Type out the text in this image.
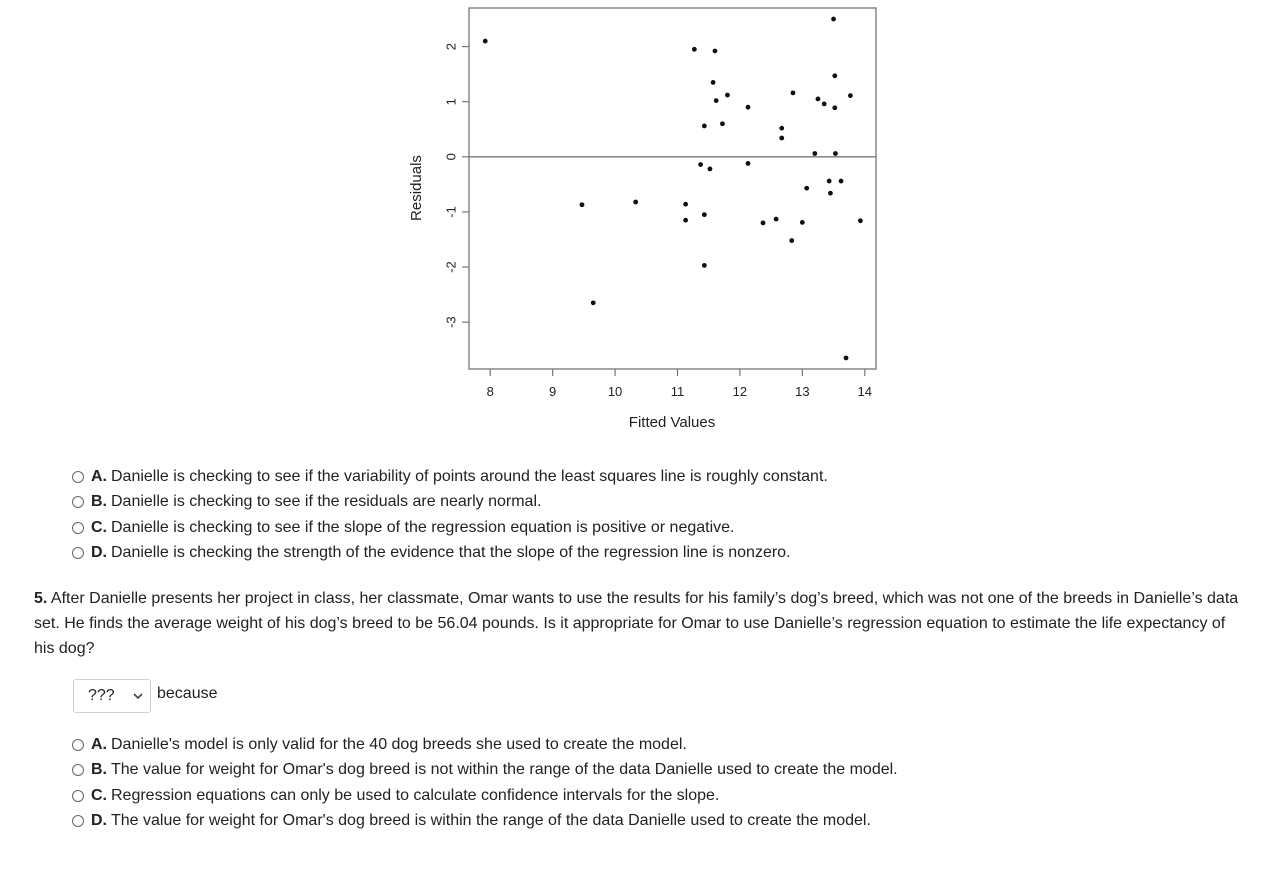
8	9	10	11	12	13	14
-3
-2
-1
0
1
2
Fitted Values
Residuals
A. Danielle is checking to see if the variability of points around the least squares line is roughly constant.
B. Danielle is checking to see if the residuals are nearly normal.
C. Danielle is checking to see if the slope of the regression equation is positive or negative.
D. Danielle is checking the strength of the evidence that the slope of the regression line is nonzero.
5. After Danielle presents her project in class, her classmate, Omar wants to use the results for his family’s dog’s breed, which was not one of the breeds in Danielle’s data set. He finds the average weight of his dog’s breed to be 56.04 pounds. Is it appropriate for Omar to use Danielle’s regression equation to estimate the life expectancy of his dog?
???	because
A. Danielle's model is only valid for the 40 dog breeds she used to create the model.
B. The value for weight for Omar's dog breed is not within the range of the data Danielle used to create the model.
C. Regression equations can only be used to calculate confidence intervals for the slope.
D. The value for weight for Omar's dog breed is within the range of the data Danielle used to create the model.
